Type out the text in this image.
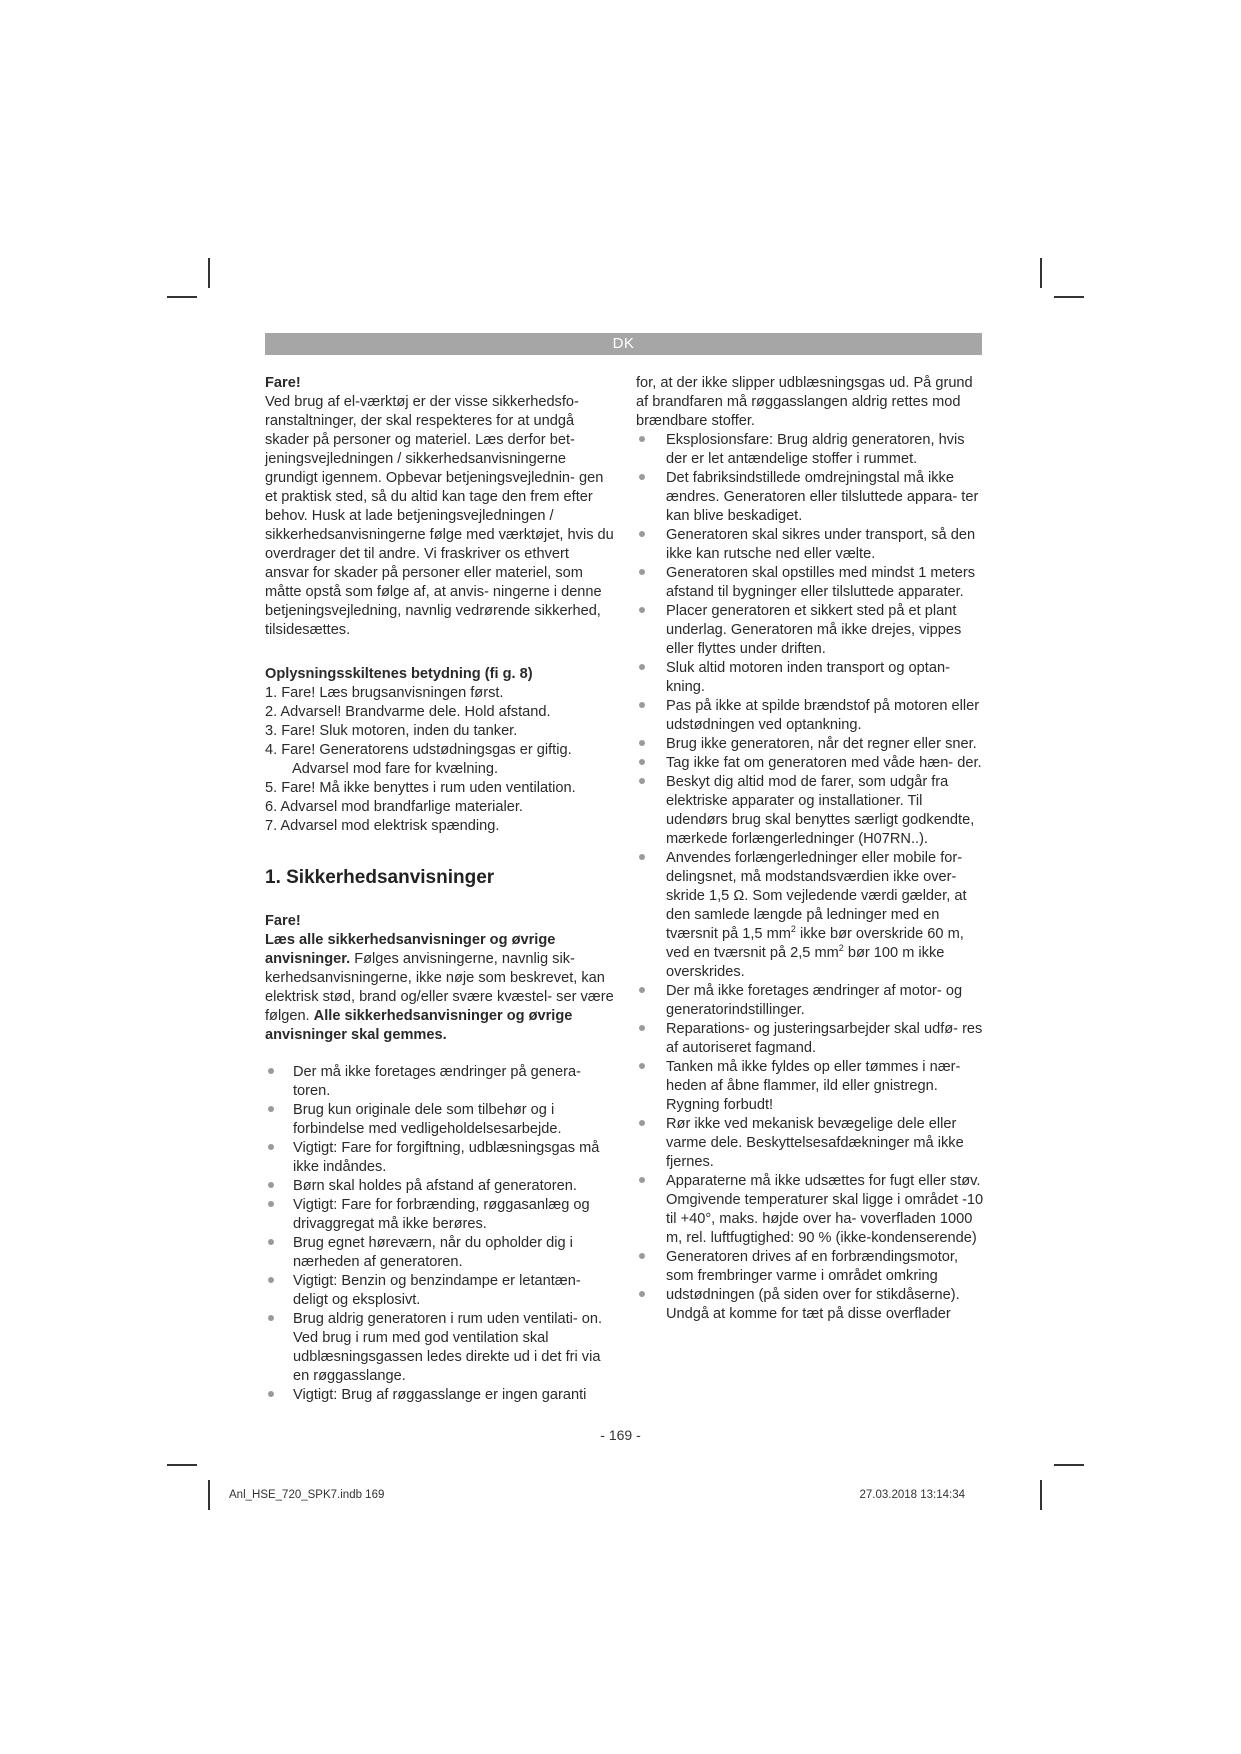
DK

Fare!

Ved brug af el-værktøj er der visse sikkerhedsfo- ranstaltninger, der skal respekteres for at undgå skader på personer og materiel. Læs derfor bet- jeningsvejledningen / sikkerhedsanvisningerne grundigt igennem. Opbevar betjeningsvejlednin- gen et praktisk sted, så du altid kan tage den frem efter behov. Husk at lade betjeningsvejledningen / sikkerhedsanvisningerne følge med værktøjet, hvis du overdrager det til andre. Vi fraskriver os ethvert ansvar for skader på personer eller materiel, som måtte opstå som følge af, at anvis- ningerne i denne betjeningsvejledning, navnlig vedrørende sikkerhed, tilsidesættes.

Oplysningsskiltenes betydning (fi g. 8)

1. Fare! Læs brugsanvisningen først.
2. Advarsel! Brandvarme dele. Hold afstand.
3. Fare! Sluk motoren, inden du tanker.
4. Fare! Generatorens udstødningsgas er giftig.
Advarsel mod fare for kvælning.
5. Fare! Må ikke benyttes i rum uden ventilation.
6. Advarsel mod brandfarlige materialer.
7. Advarsel mod elektrisk spænding.
1. Sikkerhedsanvisninger

Fare!

Læs alle sikkerhedsanvisninger og øvrige anvisninger. Følges anvisningerne, navnlig sik- kerhedsanvisningerne, ikke nøje som beskrevet, kan elektrisk stød, brand og/eller svære kvæstel- ser være følgen. Alle sikkerhedsanvisninger og øvrige anvisninger skal gemmes.

Der må ikke foretages ændringer på genera- toren.
Brug kun originale dele som tilbehør og i forbindelse med vedligeholdelsesarbejde.
Vigtigt: Fare for forgiftning, udblæsningsgas må ikke indåndes.
Børn skal holdes på afstand af generatoren.
Vigtigt: Fare for forbrænding, røggasanlæg og drivaggregat må ikke berøres.
Brug egnet høreværn, når du opholder dig i nærheden af generatoren.
Vigtigt: Benzin og benzindampe er letantæn- deligt og eksplosivt.
Brug aldrig generatoren i rum uden ventilati- on. Ved brug i rum med god ventilation skal udblæsningsgassen ledes direkte ud i det fri via en røggasslange.
Vigtigt: Brug af røggasslange er ingen garanti

for, at der ikke slipper udblæsningsgas ud. På grund af brandfaren må røggasslangen aldrig rettes mod brændbare stoffer.

Eksplosionsfare: Brug aldrig generatoren, hvis der er let antændelige stoffer i rummet.
Det fabriksindstillede omdrejningstal må ikke ændres. Generatoren eller tilsluttede appara- ter kan blive beskadiget.
Generatoren skal sikres under transport, så den ikke kan rutsche ned eller vælte.
Generatoren skal opstilles med mindst 1 meters afstand til bygninger eller tilsluttede apparater.
Placer generatoren et sikkert sted på et plant underlag. Generatoren må ikke drejes, vippes eller flyttes under driften.
Sluk altid motoren inden transport og optan- kning.
Pas på ikke at spilde brændstof på motoren eller udstødningen ved optankning.
Brug ikke generatoren, når det regner eller sner.
Tag ikke fat om generatoren med våde hæn- der.
Beskyt dig altid mod de farer, som udgår fra elektriske apparater og installationer. Til udendørs brug skal benyttes særligt godkendte, mærkede forlængerledninger (H07RN..).
Anvendes forlængerledninger eller mobile for- delingsnet, må modstandsværdien ikke over- skride 1,5 Ω. Som vejledende værdi gælder, at den samlede længde på ledninger med en tværsnit på 1,5 $mm^2$ ikke bør overskride 60 m, ved en tværsnit på 2,5 $mm^2$ bør 100 m ikke overskrides.
Der må ikke foretages ændringer af motor- og generatorindstillinger.
Reparations- og justeringsarbejder skal udfø- res af autoriseret fagmand.
Tanken må ikke fyldes op eller tømmes i nær- heden af åbne flammer, ild eller gnistregn. Rygning forbudt!
Rør ikke ved mekanisk bevægelige dele eller varme dele. Beskyttelsesafdækninger må ikke fjernes.
Apparaterne må ikke udsættes for fugt eller støv. Omgivende temperaturer skal ligge i området -10 til +40°, maks. højde over ha- voverfladen 1000 m, rel. luftfugtighed: 90 % (ikke-kondenserende)
Generatoren drives af en forbrændingsmotor, som frembringer varme i området omkring
udstødningen (på siden over for stikdåserne).

Undgå at komme for tæt på disse overflader

- 169 -
Anl_HSE_720_SPK7.indb 169	27.03.2018 13:14:34
